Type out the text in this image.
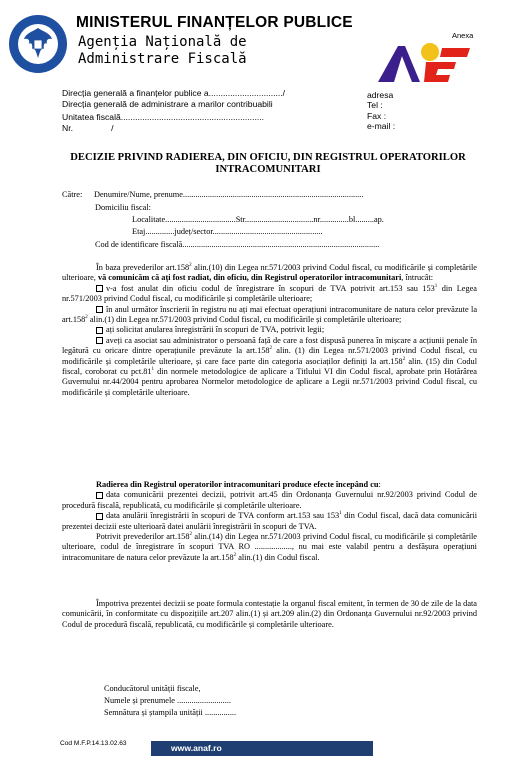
MINISTERUL FINANȚELOR PUBLICE
Agenția Națională de
Administrare Fiscală
Anexa
Direcția generală a finanțelor publice a.............................../
Direcția generală de administrare a marilor contribuabili
Unitatea fiscală............................................................
Nr.                /
adresa
Tel :
Fax :
e-mail :
DECIZIE PRIVIND RADIEREA, DIN OFICIU, DIN REGISTRUL OPERATORILOR
INTRACOMUNITARI
Către: Denumire/Nume, prenume.......................................................................................
Domiciliu fiscal:
Localitate..................................Str.................................nr..............bl.........ap.
Etaj..............județ/sector.....................................................
Cod de identificare fiscală...............................................................................................

În baza prevederilor art.158$^2$ alin.(10) din Legea nr.571/2003 privind Codul fiscal, cu modificările și completările ulterioare, vă comunicăm că ați fost radiat, din oficiu, din Registrul operatorilor intracomunitari, întrucât:

v-a fost anulat din oficiu codul de înregistrare în scopuri de TVA potrivit art.153 sau $153^1$ din Legea nr.571/2003 privind Codul fiscal, cu modificările și completările ulterioare;

în anul următor înscrierii în registru nu ați mai efectuat operațiuni intracomunitare de natura celor prevăzute la art.158$^2$ alin.(1) din Legea nr.571/2003 privind Codul fiscal, cu modificările și completările ulterioare;

ați solicitat anularea înregistrării în scopuri de TVA, potrivit legii;

aveți ca asociat sau administrator o persoană față de care a fost dispusă punerea în mișcare a acțiunii penale în legătură cu oricare dintre operațiunile prevăzute la art.158$^2$ alin. (1) din Legea nr.571/2003 privind Codul fiscal, cu modificările și completările ulterioare, și care face parte din categoria asociaților definiți la art.158$^2$ alin. (15) din Codul fiscal, coroborat cu $pct.81^1$ din normele metodologice de aplicare a Titlului VI din Codul fiscal, aprobate prin Hotărârea Guvernului nr.44/2004 pentru aprobarea Normelor metodologice de aplicare a Legii nr.571/2003 privind Codul fiscal, cu modificările și completările ulterioare.

Radierea din Registrul operatorilor intracomunitari produce efecte începând cu:

data comunicării prezentei decizii, potrivit art.45 din Ordonanța Guvernului nr.92/2003 privind Codul de procedură fiscală, republicată, cu modificările și completările ulterioare.

data anulării înregistrării în scopuri de TVA conform art.153 sau $153^1$ din Codul fiscal, dacă data comunicării prezentei decizii este ulterioară datei anulării înregistrării în scopuri de TVA.

Potrivit prevederilor art.158$^2$ alin.(14) din Legea nr.571/2003 privind Codul fiscal, cu modificările și completările ulterioare, codul de înregistrare în scopuri TVA RO .................., nu mai este valabil pentru a desfășura operațiuni intracomunitare de natura celor prevăzute la art.158$^2$ alin.(1) din Codul fiscal.

Împotriva prezentei decizii se poate formula contestație la organul fiscal emitent, în termen de 30 de zile de la data comunicării, în conformitate cu dispozițiile art.207 alin.(1) și art.209 alin.(2) din Ordonanța Guvernului nr.92/2003 privind Codul de procedură fiscală, republicată, cu modificările și completările ulterioare.

Conducătorul unității fiscale,
Numele și prenumele ..........................
Semnătura și ștampila unității ...............
Cod M.F.P.14.13.02.63	www.anaf.ro
